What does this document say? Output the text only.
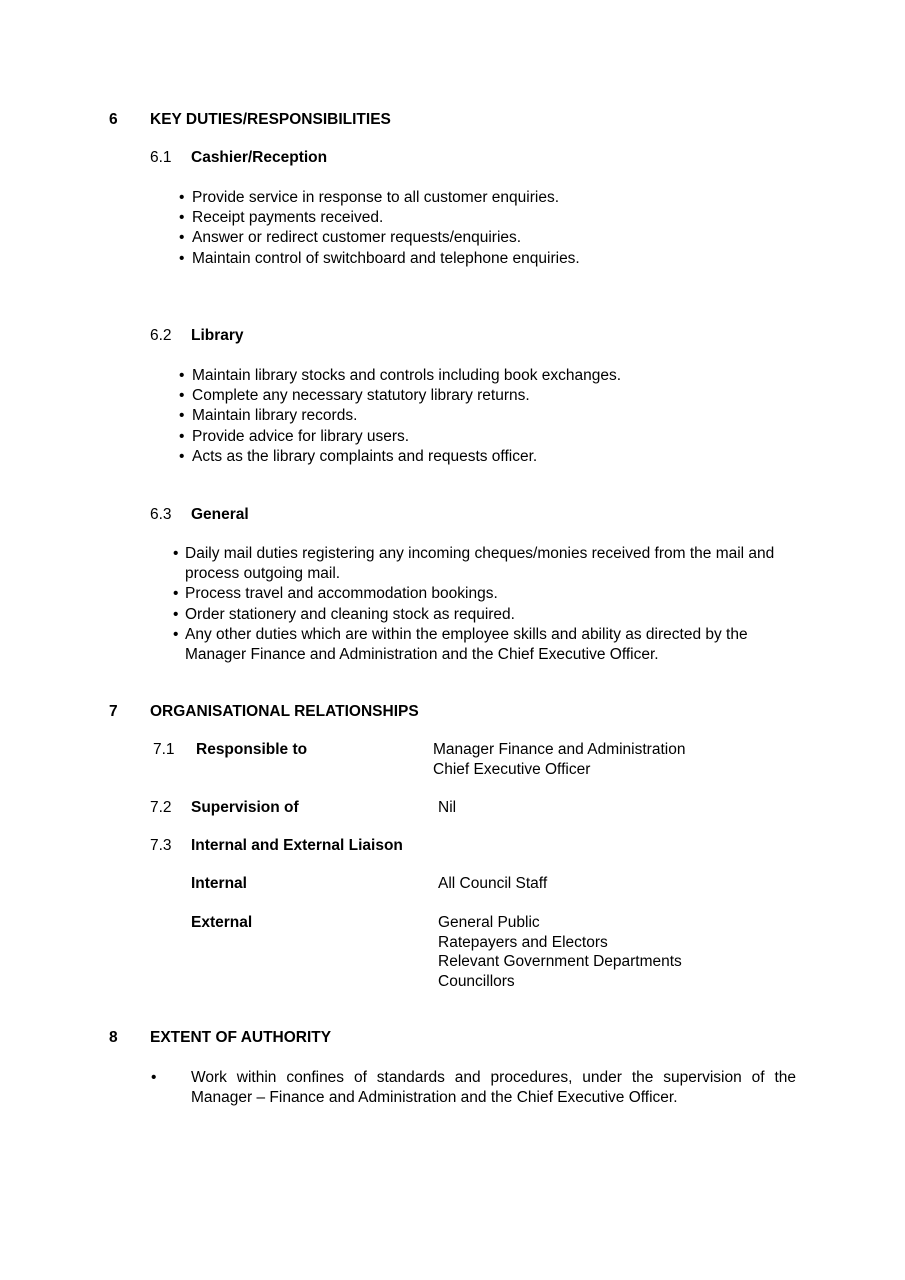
6 KEY DUTIES/RESPONSIBILITIES
6.1 Cashier/Reception
• Provide service in response to all customer enquiries.
• Receipt payments received.
• Answer or redirect customer requests/enquiries.
• Maintain control of switchboard and telephone enquiries.
6.2 Library
• Maintain library stocks and controls including book exchanges.
• Complete any necessary statutory library returns.
• Maintain library records.
• Provide advice for library users.
• Acts as the library complaints and requests officer.
6.3 General
• Daily mail duties registering any incoming cheques/monies received from the mail and process outgoing mail.
• Process travel and accommodation bookings.
• Order stationery and cleaning stock as required.
• Any other duties which are within the employee skills and ability as directed by the Manager Finance and Administration and the Chief Executive Officer.
7 ORGANISATIONAL RELATIONSHIPS
7.1 Responsible to	Manager Finance and Administration
Chief Executive Officer
7.2 Supervision of	Nil
7.3 Internal and External Liaison
Internal	All Council Staff
External	General Public
Ratepayers and Electors
Relevant Government Departments
Councillors
8 EXTENT OF AUTHORITY
• Work within confines of standards and procedures, under the supervision of the Manager – Finance and Administration and the Chief Executive Officer.
